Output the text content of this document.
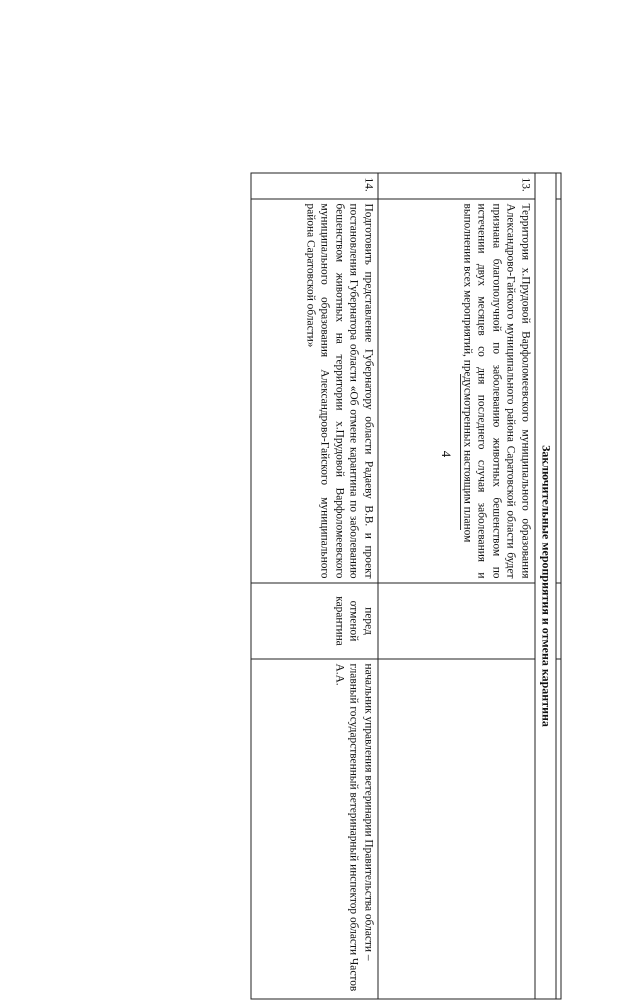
4
				Заключительные мероприятия и отмена карантина			
13.	Территория х.Прудовой Варфоломеевского муниципального образования Александрово-Гайского муниципального района Саратовской области будет признана благополучной по заболеванию животных бешенством по истечении двух месяцев со дня последнего случая заболевания и выполнении всех мероприятий, предусмотренных настоящим планом		
14.	Подготовить представление Губернатору области Радаеву В.В. и проект постановления Губернатора области «Об отмене карантина по заболеванию бешенством животных на территории х.Прудовой Варфоломеевского муниципального образования Александрово-Гайского муниципального района Саратовской области»	перед отменой карантина	начальник управления ветеринарии Правительства области – главный государственный ветеринарный инспектор области Частов А.А.
